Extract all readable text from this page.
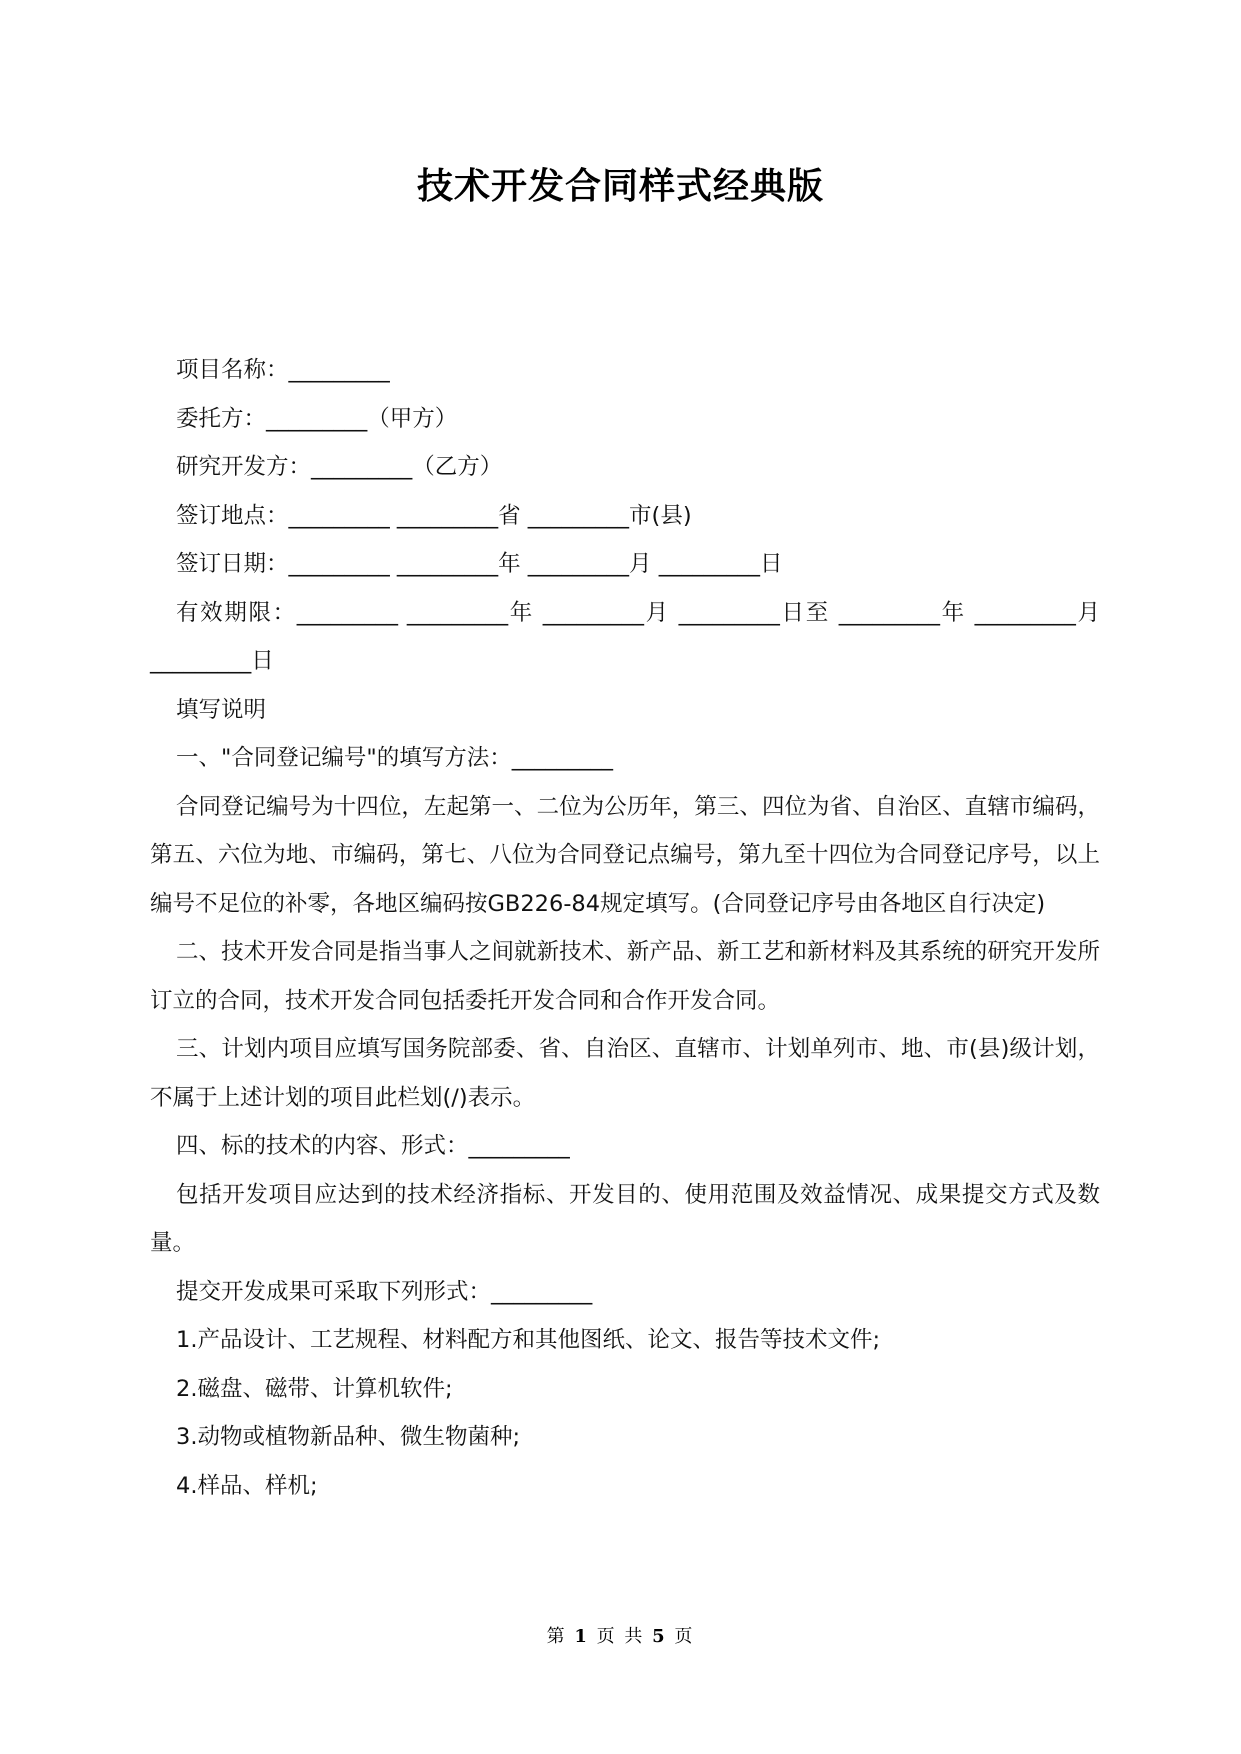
技术开发合同样式经典版

项目名称：_________

委托方：_________（甲方）

研究开发方：_________（乙方）

签订地点：_________ _________省 _________市(县)

签订日期：_________ _________年 _________月 _________日

有效期限：_________ _________年 _________月 _________日至 _________年 _________月 _________日

填写说明

一、"合同登记编号"的填写方法：_________

合同登记编号为十四位，左起第一、二位为公历年，第三、四位为省、自治区、直辖市编码，第五、六位为地、市编码，第七、八位为合同登记点编号，第九至十四位为合同登记序号，以上编号不足位的补零，各地区编码按GB226-84规定填写。(合同登记序号由各地区自行决定)

二、技术开发合同是指当事人之间就新技术、新产品、新工艺和新材料及其系统的研究开发所订立的合同，技术开发合同包括委托开发合同和合作开发合同。

三、计划内项目应填写国务院部委、省、自治区、直辖市、计划单列市、地、市(县)级计划，不属于上述计划的项目此栏划(/)表示。

四、标的技术的内容、形式：_________

包括开发项目应达到的技术经济指标、开发目的、使用范围及效益情况、成果提交方式及数量。

提交开发成果可采取下列形式：_________

1.产品设计、工艺规程、材料配方和其他图纸、论文、报告等技术文件;

2.磁盘、磁带、计算机软件;

3.动物或植物新品种、微生物菌种;

4.样品、样机;

第 1 页 共 5 页
